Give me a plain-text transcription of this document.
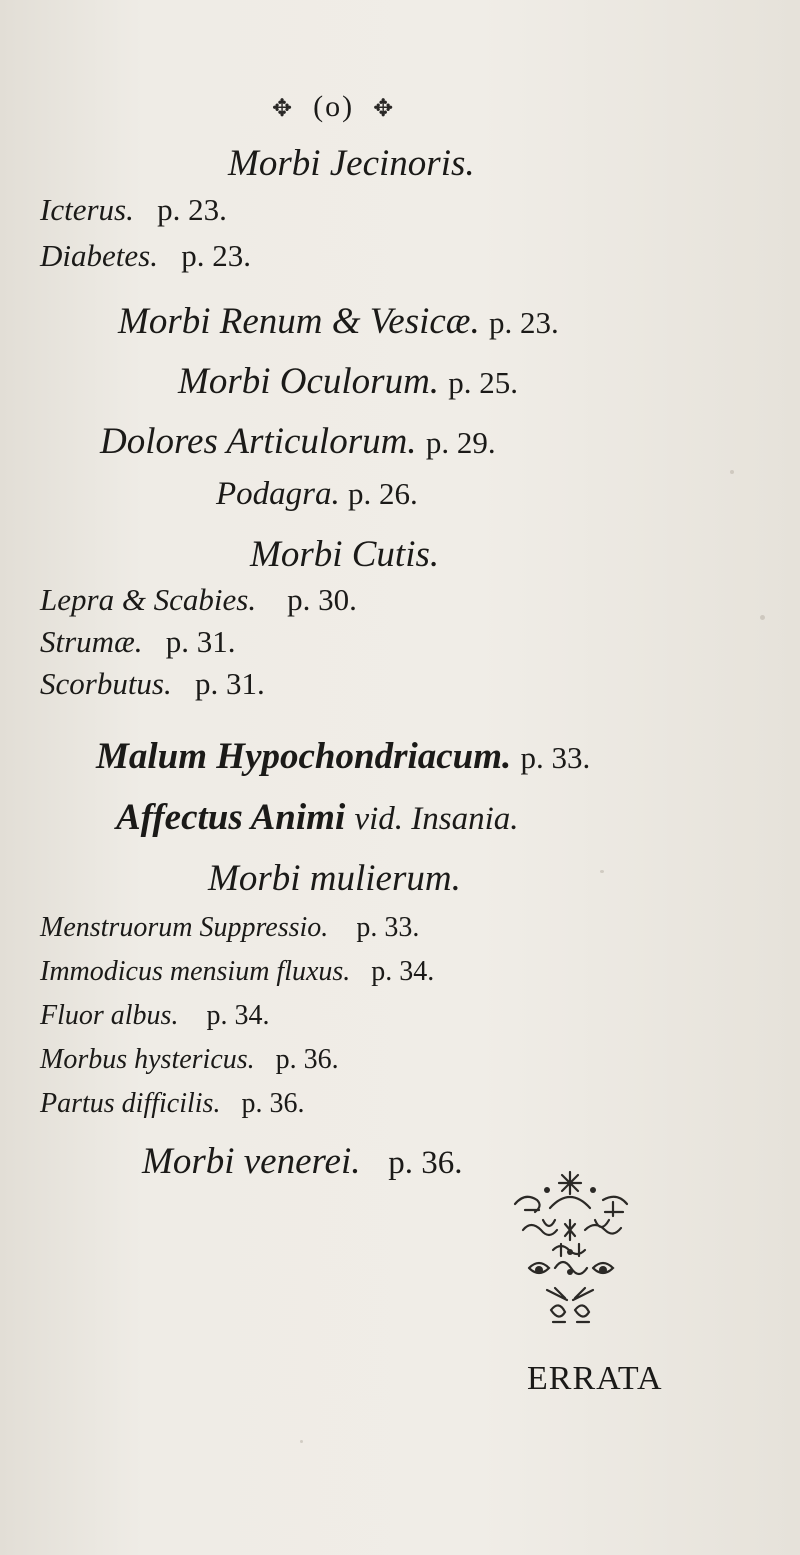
✥ (o) ✥
Morbi Jecinoris.
Icterus. p. 23.
Diabetes. p. 23.
Morbi Renum & Vesicæ. p. 23.
Morbi Oculorum. p. 25.
Dolores Articulorum. p. 29.
Podagra. p. 26.
Morbi Cutis.
Lepra & Scabies. p. 30.
Strumæ. p. 31.
Scorbutus. p. 31.
Malum Hypochondriacum. p. 33.
Affectus Animi vid. Insania.
Morbi mulierum.
Menstruorum Suppressio. p. 33.
Immodicus mensium fluxus. p. 34.
Fluor albus. p. 34.
Morbus hystericus. p. 36.
Partus difficilis. p. 36.
Morbi venerei. p. 36.
ERRATA
